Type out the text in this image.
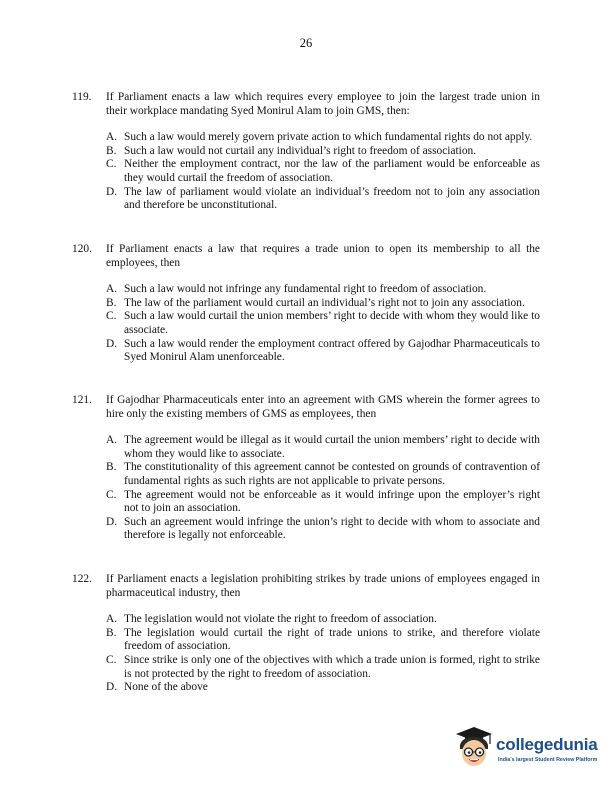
26
119.	If Parliament enacts a law which requires every employee to join the largest trade union in their workplace mandating Syed Monirul Alam to join GMS, then:
A. Such a law would merely govern private action to which fundamental rights do not apply.
B. Such a law would not curtail any individual’s right to freedom of association.
C. Neither the employment contract, nor the law of the parliament would be enforceable as they would curtail the freedom of association.
D. The law of parliament would violate an individual’s freedom not to join any association and therefore be unconstitutional.
120.	If Parliament enacts a law that requires a trade union to open its membership to all the employees, then
A. Such a law would not infringe any fundamental right to freedom of association.
B. The law of the parliament would curtail an individual’s right not to join any association.
C. Such a law would curtail the union members’ right to decide with whom they would like to associate.
D. Such a law would render the employment contract offered by Gajodhar Pharmaceuticals to Syed Monirul Alam unenforceable.
121.	If Gajodhar Pharmaceuticals enter into an agreement with GMS wherein the former agrees to hire only the existing members of GMS as employees, then
A. The agreement would be illegal as it would curtail the union members’ right to decide with whom they would like to associate.
B. The constitutionality of this agreement cannot be contested on grounds of contravention of fundamental rights as such rights are not applicable to private persons.
C. The agreement would not be enforceable as it would infringe upon the employer’s right not to join an association.
D. Such an agreement would infringe the union’s right to decide with whom to associate and therefore is legally not enforceable.
122.	If Parliament enacts a legislation prohibiting strikes by trade unions of employees engaged in pharmaceutical industry, then
A. The legislation would not violate the right to freedom of association.
B. The legislation would curtail the right of trade unions to strike, and therefore violate freedom of association.
C. Since strike is only one of the objectives with which a trade union is formed, right to strike is not protected by the right to freedom of association.
D. None of the above
collegedunia
India's largest Student Review Platform
